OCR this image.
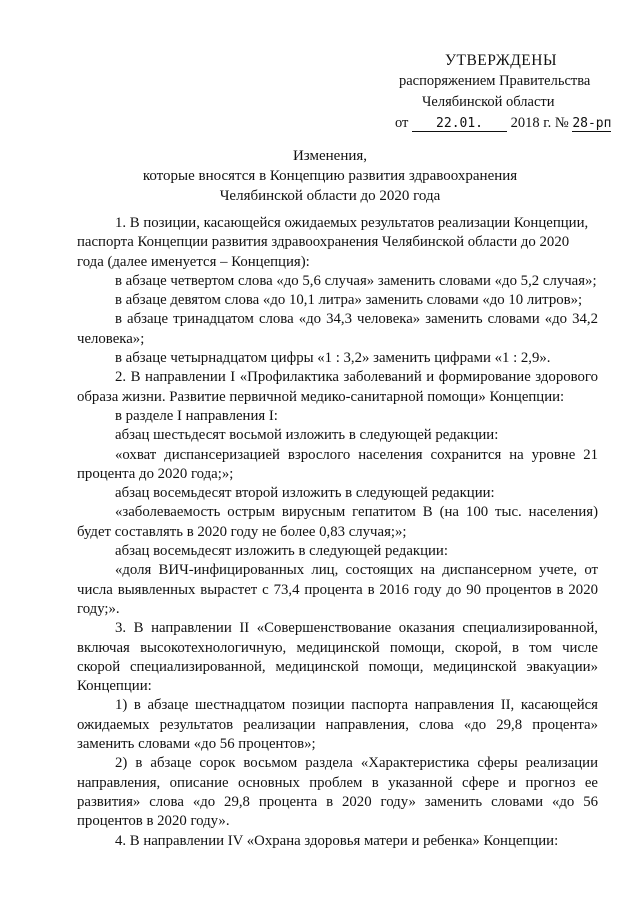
УТВЕРЖДЕНЫ
распоряжением Правительства
Челябинской области
от 22.01. 2018 г. № 28-рп
Изменения,
которые вносятся в Концепцию развития здравоохранения
Челябинской области до 2020 года

1. В позиции, касающейся ожидаемых результатов реализации Концепции, паспорта Концепции развития здравоохранения Челябинской области до 2020 года (далее именуется – Концепция):

в абзаце четвертом слова «до 5,6 случая» заменить словами «до 5,2 случая»;

в абзаце девятом слова «до 10,1 литра» заменить словами «до 10 литров»;

в абзаце тринадцатом слова «до 34,3 человека» заменить словами «до 34,2 человека»;

в абзаце четырнадцатом цифры «1 : 3,2» заменить цифрами «1 : 2,9».

2. В направлении I «Профилактика заболеваний и формирование здорового образа жизни. Развитие первичной медико-санитарной помощи» Концепции:

в разделе I направления I:

абзац шестьдесят восьмой изложить в следующей редакции:

«охват диспансеризацией взрослого населения сохранится на уровне 21 процента до 2020 года;»;

абзац восемьдесят второй изложить в следующей редакции:

«заболеваемость острым вирусным гепатитом В (на 100 тыс. населения) будет составлять в 2020 году не более 0,83 случая;»;

абзац восемьдесят изложить в следующей редакции:

«доля ВИЧ-инфицированных лиц, состоящих на диспансерном учете, от числа выявленных вырастет с 73,4 процента в 2016 году до 90 процентов в 2020 году;».

3. В направлении II «Совершенствование оказания специализированной, включая высокотехнологичную, медицинской помощи, скорой, в том числе скорой специализированной, медицинской помощи, медицинской эвакуации» Концепции:

1) в абзаце шестнадцатом позиции паспорта направления II, касающейся ожидаемых результатов реализации направления, слова «до 29,8 процента» заменить словами «до 56 процентов»;

2) в абзаце сорок восьмом раздела «Характеристика сферы реализации направления, описание основных проблем в указанной сфере и прогноз ее развития» слова «до 29,8 процента в 2020 году» заменить словами «до 56 процентов в 2020 году».

4. В направлении IV «Охрана здоровья матери и ребенка» Концепции:
